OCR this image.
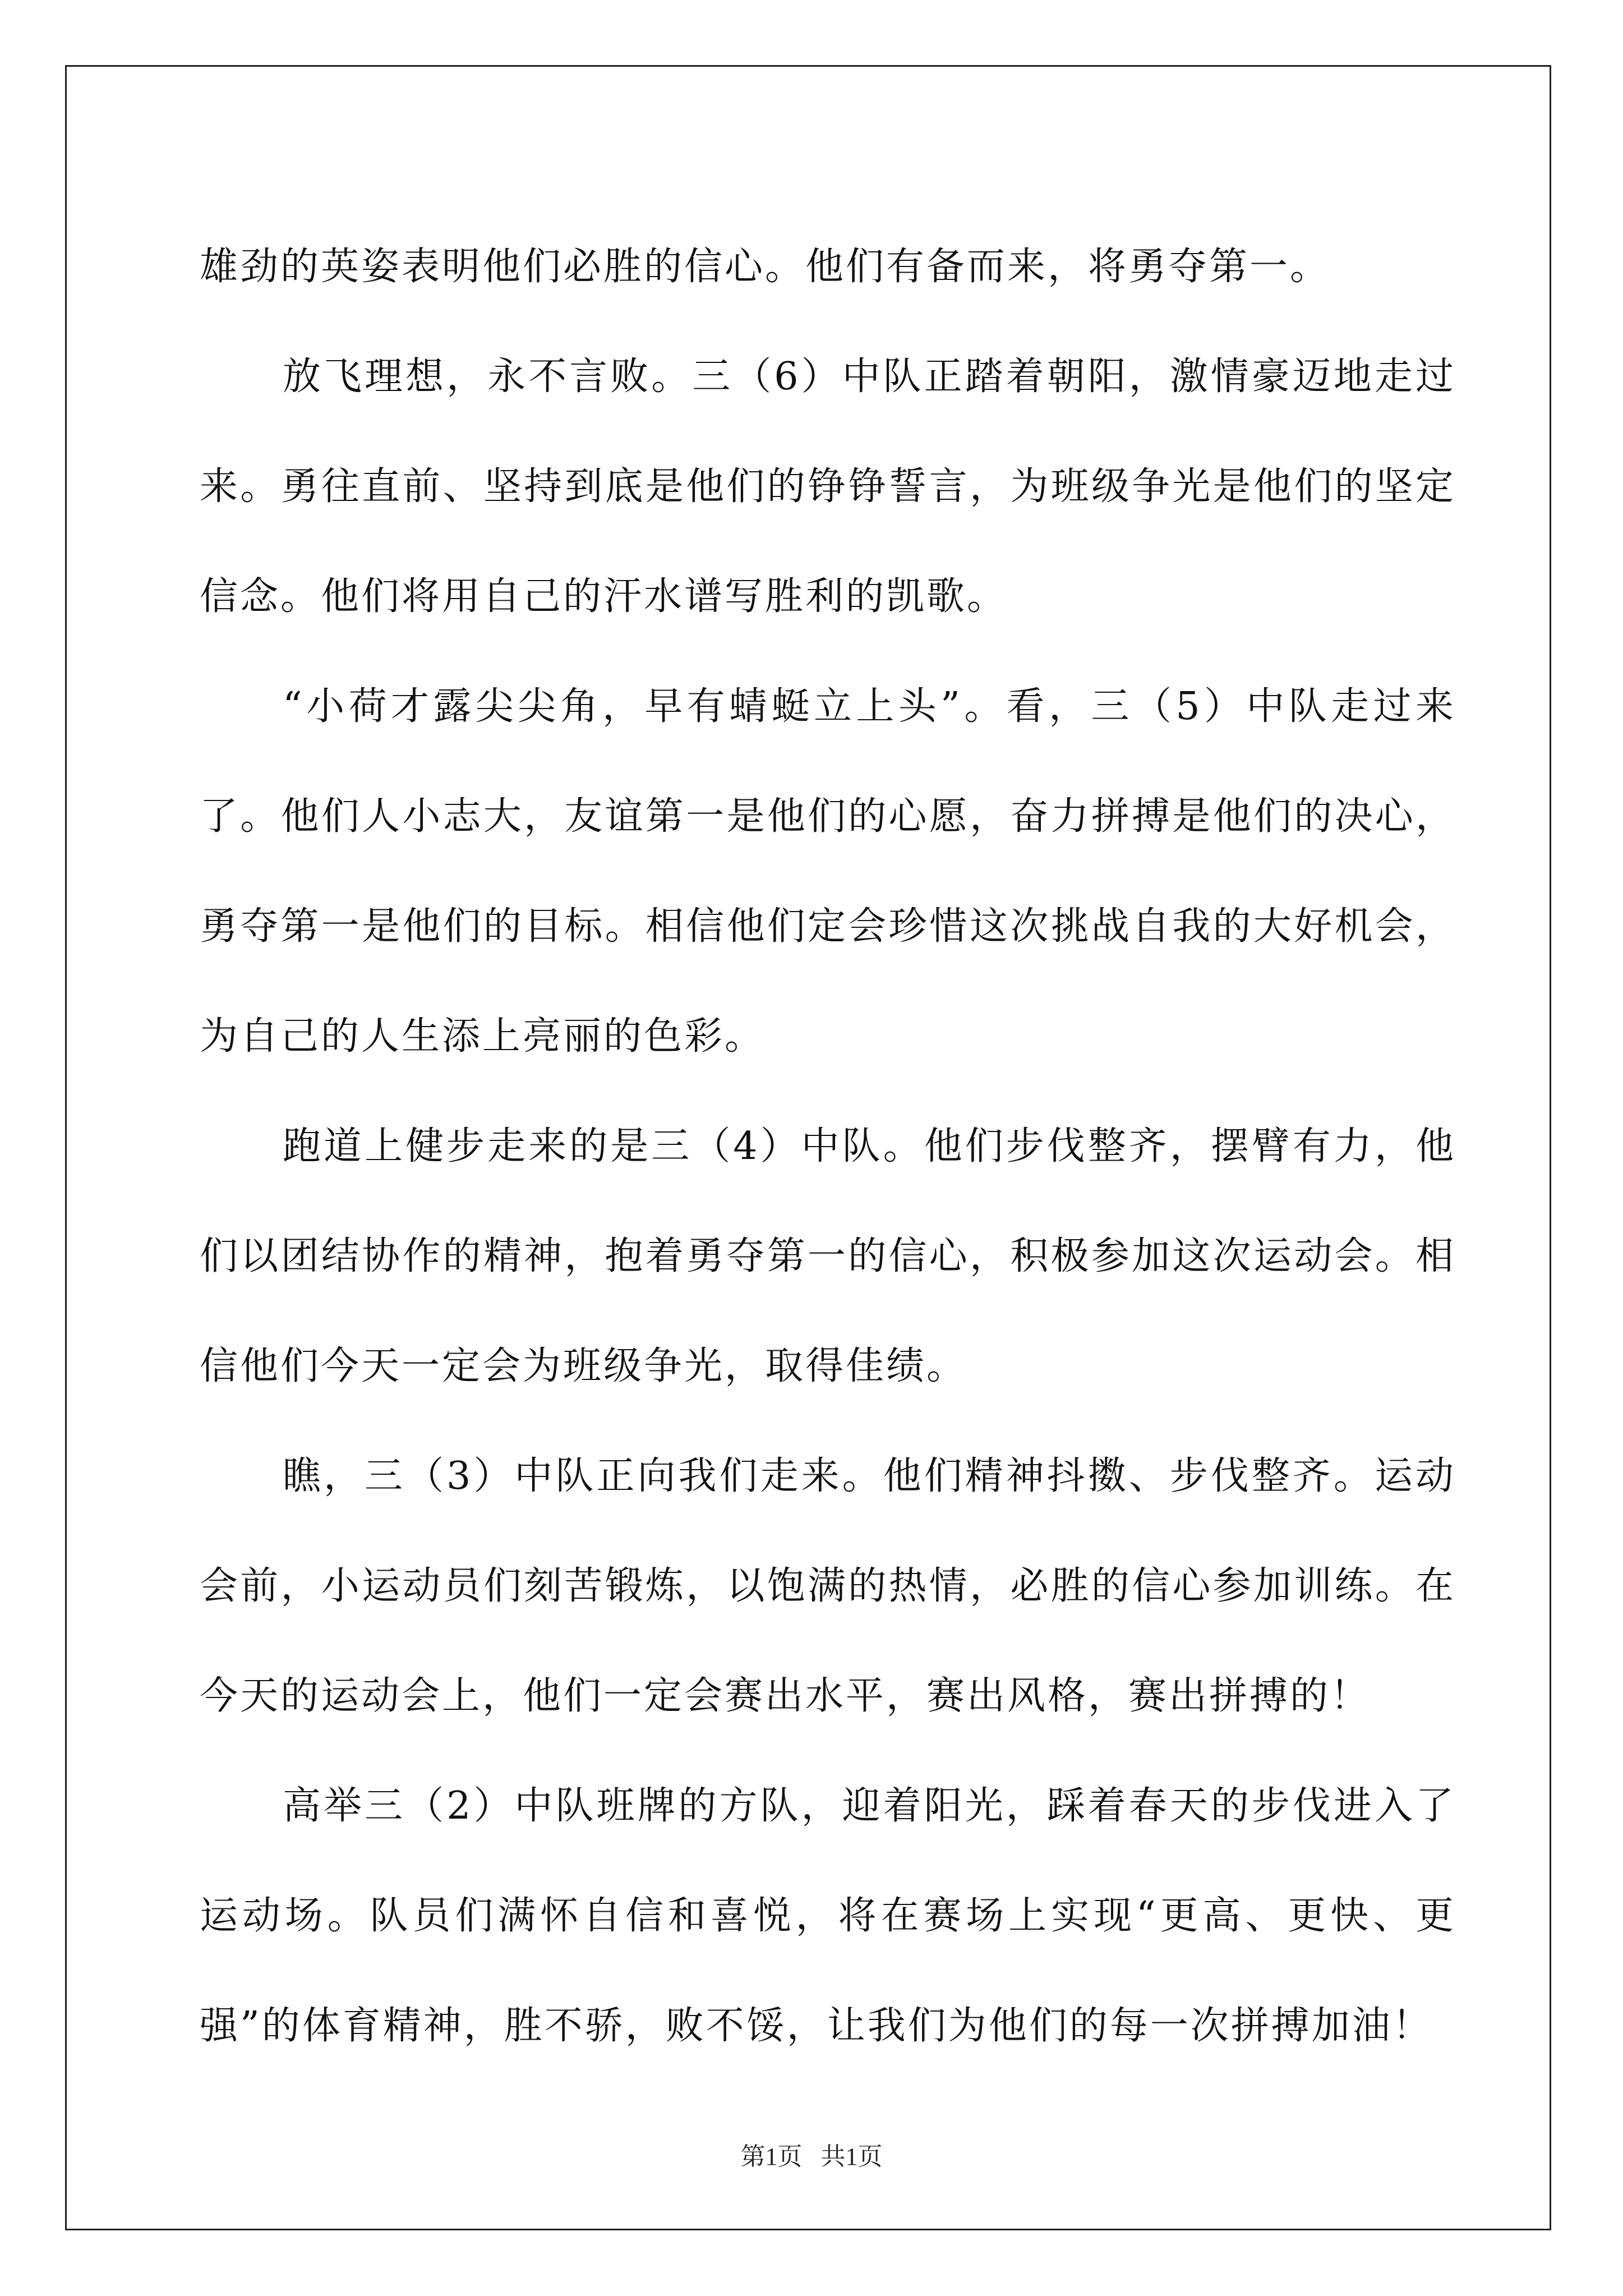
雄劲的英姿表明他们必胜的信心。他们有备而来，将勇夺第一。

放飞理想，永不言败。三（6）中队正踏着朝阳，激情豪迈地走过来。勇往直前、坚持到底是他们的铮铮誓言，为班级争光是他们的坚定信念。他们将用自己的汗水谱写胜利的凯歌。

“小荷才露尖尖角，早有蜻蜓立上头”。看，三（5）中队走过来了。他们人小志大，友谊第一是他们的心愿，奋力拼搏是他们的决心，勇夺第一是他们的目标。相信他们定会珍惜这次挑战自我的大好机会，为自己的人生添上亮丽的色彩。

跑道上健步走来的是三（4）中队。他们步伐整齐，摆臂有力，他们以团结协作的精神，抱着勇夺第一的信心，积极参加这次运动会。相信他们今天一定会为班级争光，取得佳绩。

瞧，三（3）中队正向我们走来。他们精神抖擞、步伐整齐。运动会前，小运动员们刻苦锻炼，以饱满的热情，必胜的信心参加训练。在今天的运动会上，他们一定会赛出水平，赛出风格，赛出拼搏的！

高举三（2）中队班牌的方队，迎着阳光，踩着春天的步伐进入了运动场。队员们满怀自信和喜悦，将在赛场上实现“更高、更快、更强”的体育精神，胜不骄，败不馁，让我们为他们的每一次拼搏加油！

第1页   共1页
